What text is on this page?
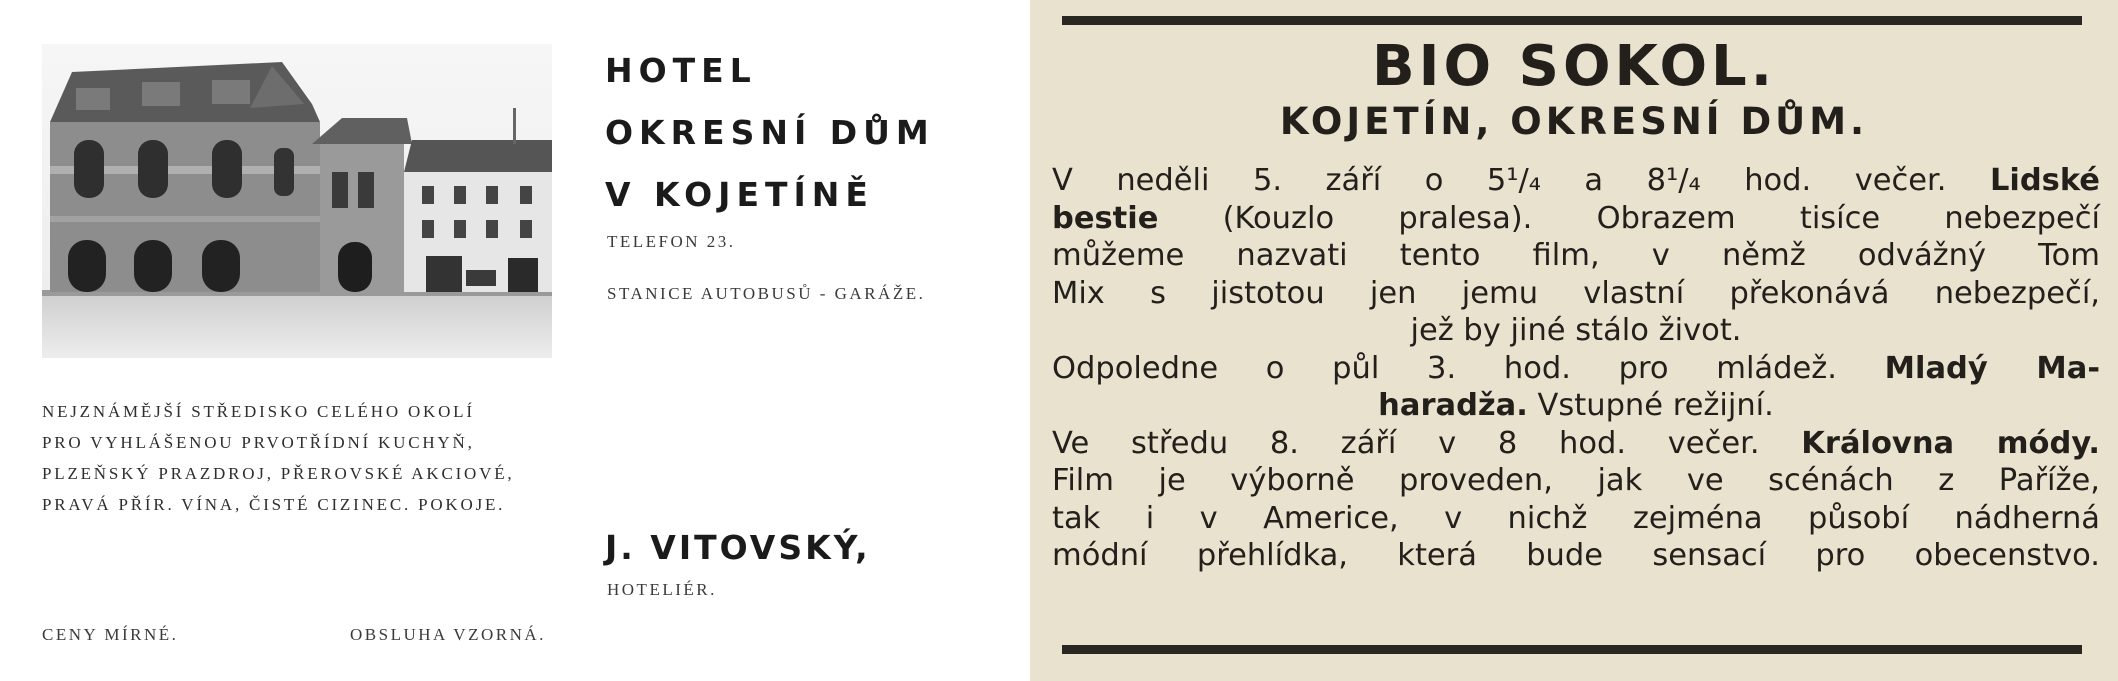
HOTEL
OKRESNÍ DŮM
V KOJETÍNĚ
TELEFON 23.
STANICE AUTOBUSŮ - GARÁŽE.
NEJZNÁMĚJŠÍ STŘEDISKO CELÉHO OKOLÍ
PRO VYHLÁŠENOU PRVOTŘÍDNÍ KUCHYŇ,
PLZEŇSKÝ PRAZDROJ, PŘEROVSKÉ AKCIOVÉ,
PRAVÁ PŘÍR. VÍNA, ČISTÉ CIZINEC. POKOJE.
J. VITOVSKÝ,
HOTELIÉR.
CENY MÍRNÉ.	OBSLUHA VZORNÁ.
BIO SOKOL.
KOJETÍN, OKRESNÍ DŮM.
V neděli 5. září o 5¹/₄ a 8¹/₄ hod. večer. Lidské
bestie (Kouzlo pralesa). Obrazem tisíce nebezpečí
můžeme nazvati tento film, v němž odvážný Tom
Mix s jistotou jen jemu vlastní překonává nebezpečí,
jež by jiné stálo život.
Odpoledne o půl 3. hod. pro mládež. Mladý Ma-
haradža. Vstupné režijní.
Ve středu 8. září v 8 hod. večer. Královna módy.
Film je výborně proveden, jak ve scénách z Paříže,
tak i v Americe, v nichž zejména působí nádherná
módní přehlídka, která bude sensací pro obecenstvo.
